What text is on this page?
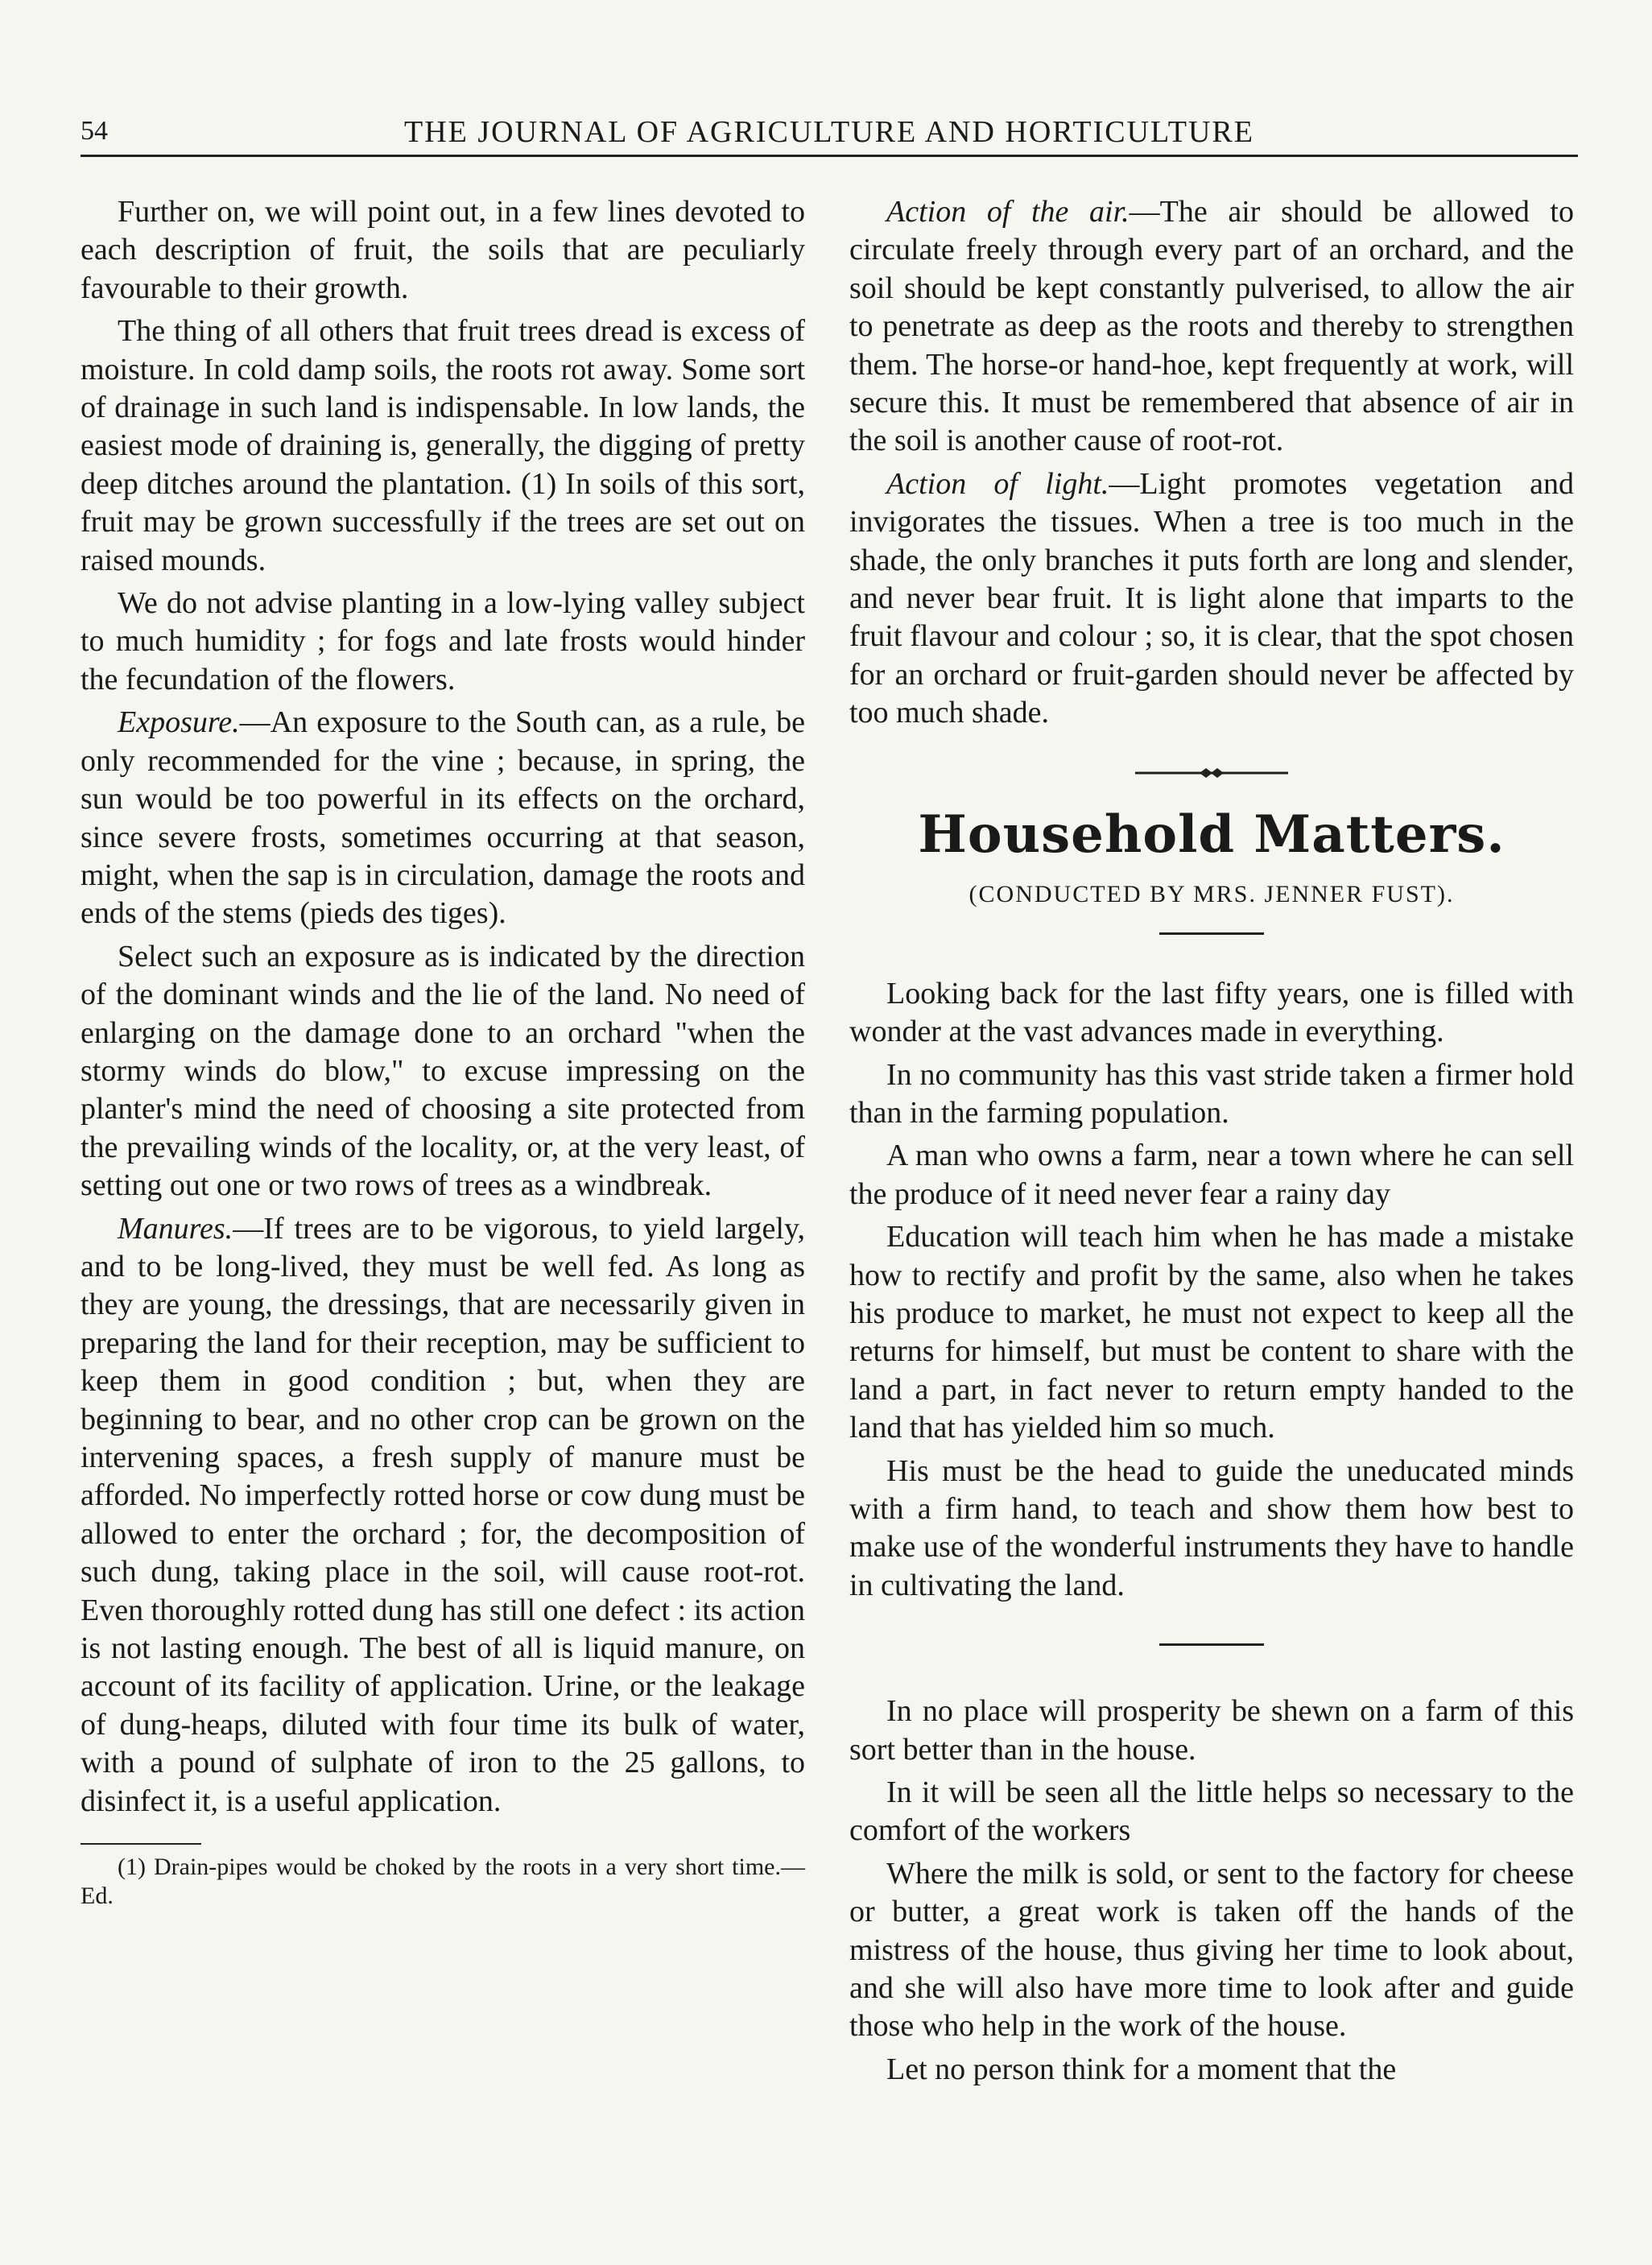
54	THE JOURNAL OF AGRICULTURE AND HORTICULTURE

Further on, we will point out, in a few lines devoted to each description of fruit, the soils that are peculiarly favourable to their growth.

The thing of all others that fruit trees dread is excess of moisture. In cold damp soils, the roots rot away. Some sort of drainage in such land is indispensable. In low lands, the easiest mode of draining is, generally, the digging of pretty deep ditches around the plantation. (1) In soils of this sort, fruit may be grown successfully if the trees are set out on raised mounds.

We do not advise planting in a low-lying valley subject to much humidity ; for fogs and late frosts would hinder the fecundation of the flowers.

Exposure.—An exposure to the South can, as a rule, be only recommended for the vine ; because, in spring, the sun would be too powerful in its effects on the orchard, since severe frosts, sometimes occurring at that season, might, when the sap is in circulation, damage the roots and ends of the stems (pieds des tiges).

Select such an exposure as is indicated by the direction of the dominant winds and the lie of the land. No need of enlarging on the damage done to an orchard "when the stormy winds do blow," to excuse impressing on the planter's mind the need of choosing a site protected from the prevailing winds of the locality, or, at the very least, of setting out one or two rows of trees as a windbreak.

Manures.—If trees are to be vigorous, to yield largely, and to be long-lived, they must be well fed. As long as they are young, the dressings, that are necessarily given in preparing the land for their reception, may be sufficient to keep them in good condition ; but, when they are beginning to bear, and no other crop can be grown on the intervening spaces, a fresh supply of manure must be afforded. No imperfectly rotted horse or cow dung must be allowed to enter the orchard ; for, the decomposition of such dung, taking place in the soil, will cause root-rot. Even thoroughly rotted dung has still one defect : its action is not lasting enough. The best of all is liquid manure, on account of its facility of application. Urine, or the leakage of dung-heaps, diluted with four time its bulk of water, with a pound of sulphate of iron to the 25 gallons, to disinfect it, is a useful application.

(1) Drain-pipes would be choked by the roots in a very short time.—Ed.

Action of the air.—The air should be allowed to circulate freely through every part of an orchard, and the soil should be kept constantly pulverised, to allow the air to penetrate as deep as the roots and thereby to strengthen them. The horse-or hand-hoe, kept frequently at work, will secure this. It must be remembered that absence of air in the soil is another cause of root-rot.

Action of light.—Light promotes vegetation and invigorates the tissues. When a tree is too much in the shade, the only branches it puts forth are long and slender, and never bear fruit. It is light alone that imparts to the fruit flavour and colour ; so, it is clear, that the spot chosen for an orchard or fruit-garden should never be affected by too much shade.

Household Matters.
(CONDUCTED BY MRS. JENNER FUST).

Looking back for the last fifty years, one is filled with wonder at the vast advances made in everything.

In no community has this vast stride taken a firmer hold than in the farming population.

A man who owns a farm, near a town where he can sell the produce of it need never fear a rainy day

Education will teach him when he has made a mistake how to rectify and profit by the same, also when he takes his produce to market, he must not expect to keep all the returns for himself, but must be content to share with the land a part, in fact never to return empty handed to the land that has yielded him so much.

His must be the head to guide the uneducated minds with a firm hand, to teach and show them how best to make use of the wonderful instruments they have to handle in cultivating the land.

In no place will prosperity be shewn on a farm of this sort better than in the house.

In it will be seen all the little helps so necessary to the comfort of the workers

Where the milk is sold, or sent to the factory for cheese or butter, a great work is taken off the hands of the mistress of the house, thus giving her time to look about, and she will also have more time to look after and guide those who help in the work of the house.

Let no person think for a moment that the
